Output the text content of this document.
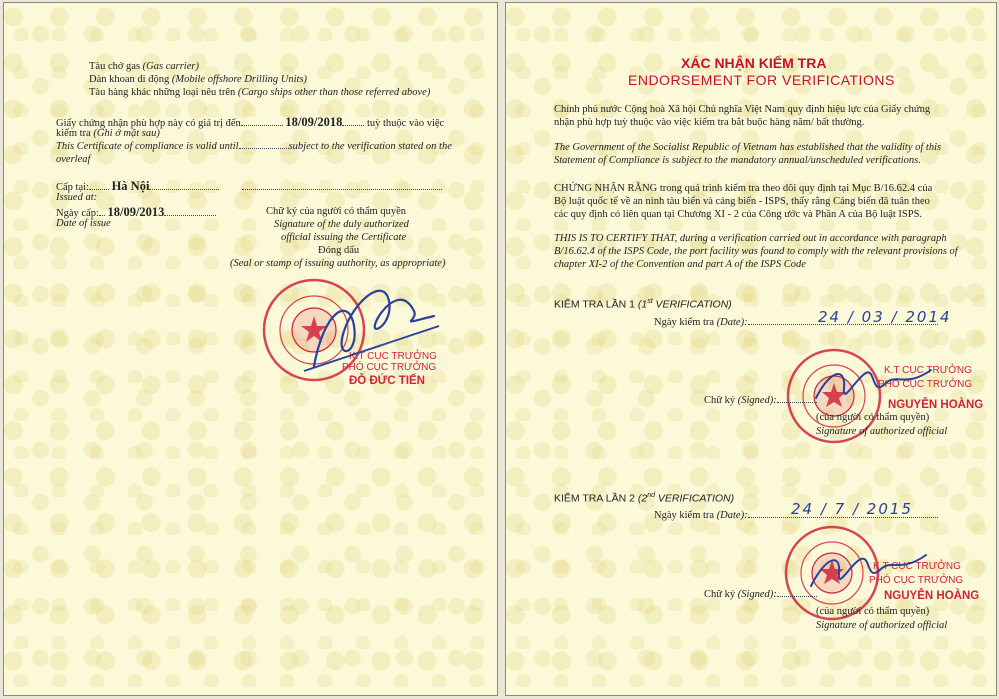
Tàu chở gas (Gas carrier)
Dàn khoan di động (Mobile offshore Drilling Units)
Tàu hàng khác những loại nêu trên (Cargo ships other than those referred above)
Giấy chứng nhận phù hợp này có giá trị đến	18/09/2018 tuỳ thuộc vào việc
kiểm tra (Ghi ở mặt sau)
This Certificate of compliance is valid until	subject to the verification stated on the
overleaf
Cấp tại: Hà Nội
Issued at:
Ngày cấp: 18/09/2013
Date of issue
Chữ ký của người có thẩm quyền
Signature of the duly authorized
official issuing the Certificate
Đóng dấu
(Seal or stamp of issuing authority, as appropriate)
K.T CỤC TRƯỞNG
PHÓ CỤC TRƯỞNG
ĐỖ ĐỨC TIẾN
XÁC NHẬN KIỂM TRA
ENDORSEMENT FOR VERIFICATIONS
Chính phủ nước Cộng hoà Xã hội Chủ nghĩa Việt Nam quy định hiệu lực của Giấy chứng
nhận phù hợp tuỳ thuộc vào việc kiểm tra bắt buộc hàng năm/ bất thường.
The Government of the Socialist Republic of Vietnam has established that the validity of this
Statement of Compliance is subject to the mandatory annual/unscheduled verifications.
CHỨNG NHẬN RẰNG trong quá trình kiểm tra theo dõi quy định tại Mục B/16.62.4 của
Bộ luật quốc tế về an ninh tàu biển và cảng biển - ISPS, thấy rằng Cảng biển đã tuân theo
các quy định có liên quan tại Chương XI - 2 của Công ước và Phần A của Bộ luật ISPS.
THIS IS TO CERTIFY THAT, during a verification carried out in accordance with paragraph
B/16.62.4 of the ISPS Code, the port facility was found to comply with the relevant provisions of
chapter XI-2 of the Convention and part A of the ISPS Code
KIỂM TRA LẦN 1 (1st VERIFICATION)
Ngày kiểm tra (Date):	24 / 03 / 2014
K.T CỤC TRƯỞNG
PHÓ CỤC TRƯỞNG
NGUYỄN HOÀNG
Chữ ký (Signed):
(của người có thẩm quyền)
Signature of authorized official
KIỂM TRA LẦN 2 (2nd VERIFICATION)
Ngày kiểm tra (Date):	24 / 7 / 2015
K.T CỤC TRƯỞNG
PHÓ CỤC TRƯỞNG
NGUYỄN HOÀNG
Chữ ký (Signed):
(của người có thẩm quyền)
Signature of authorized official
